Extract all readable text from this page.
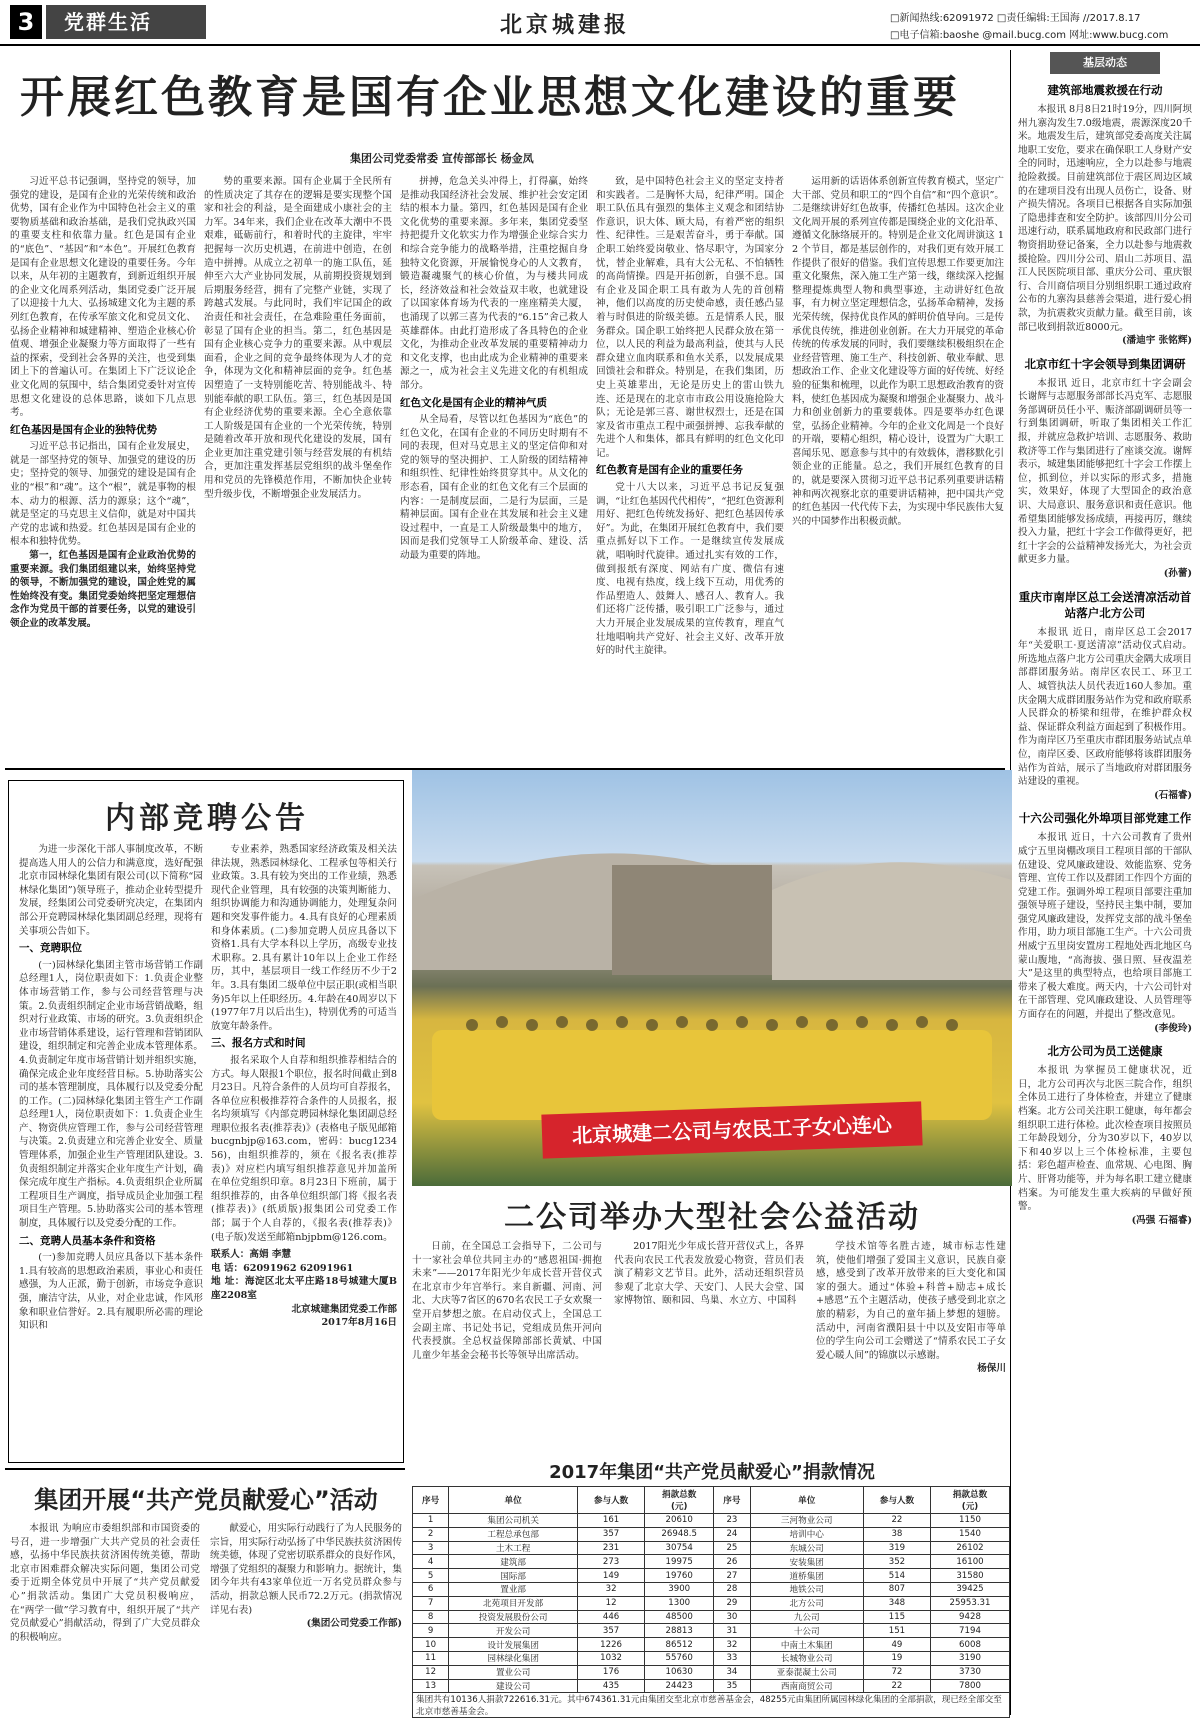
3	党群生活	北京城建报	□新闻热线:62091972 □责任编辑:王国海 //2017.8.17
□电子信箱:baoshe @mail.bucg.com 网址:www.bucg.com
开展红色教育是国有企业思想文化建设的重要
集团公司党委常委 宣传部部长 杨金凤

习近平总书记强调，坚持党的领导，加强党的建设，是国有企业的光荣传统和政治优势，国有企业作为中国特色社会主义的重要物质基础和政治基础，是我们党执政兴国的重要支柱和依靠力量。红色是国有企业的“底色”、“基因”和“本色”。开展红色教育是国有企业思想文化建设的重要任务。今年以来，从年初的主题教育，到新近组织开展的企业文化周系列活动，集团党委广泛开展了以迎接十九大、弘扬城建文化为主题的系列红色教育，在传承军旅文化和党员文化、弘扬企业精神和城建精神、塑造企业核心价值观、增强企业凝聚力等方面取得了一些有益的探索，受到社会各界的关注，也受到集团上下的普遍认可。在集团上下广泛议论企业文化周的氛围中，结合集团党委针对宣传思想文化建设的总体思路，谈如下几点思考。

红色基因是国有企业的独特优势

习近平总书记指出，国有企业发展史，就是一部坚持党的领导、加强党的建设的历史；坚持党的领导、加强党的建设是国有企业的“根”和“魂”。这个“根”，就是事物的根本、动力的根源、活力的源泉；这个“魂”，就是坚定的马克思主义信仰，就是对中国共产党的忠诚和热爱。红色基因是国有企业的根本和独特优势。

第一，红色基因是国有企业政治优势的重要来源。我们集团组建以来，始终坚持党的领导，不断加强党的建设，国企姓党的属性始终没有变。集团党委始终把坚定理想信念作为党员干部的首要任务，以党的建设引领企业的改革发展。

势的重要来源。国有企业属于全民所有的性质决定了其存在的逻辑是要实现整个国家和社会的利益，是全面建成小康社会的主力军。34年来，我们企业在改革大潮中不畏艰难，砥砺前行，和着时代的主旋律，牢牢把握每一次历史机遇，在前进中创造，在创造中拼搏。从成立之初单一的施工队伍，延伸至六大产业协同发展，从前期投资规划到后期服务经营，拥有了完整产业链，实现了跨越式发展。与此同时，我们牢记国企的政治责任和社会责任，在急难险重任务面前，彰显了国有企业的担当。第二，红色基因是国有企业核心竞争力的重要来源。从中观层面看，企业之间的竞争最终体现为人才的竞争，体现为文化和精神层面的竞争。红色基因塑造了一支特别能吃苦、特别能战斗、特别能奉献的职工队伍。第三，红色基因是国有企业经济优势的重要来源。全心全意依靠工人阶级是国有企业的一个光荣传统，特别是随着改革开放和现代化建设的发展，国有企业更加注重党建引领与经营发展的有机结合，更加注重发挥基层党组织的战斗堡垒作用和党员的先锋模范作用，不断加快企业转型升级步伐，不断增强企业发展活力。

拼搏，危急关头冲得上，打得赢，始终是推动我国经济社会发展、维护社会安定团结的根本力量。第四，红色基因是国有企业文化优势的重要来源。多年来，集团党委坚持把提升文化软实力作为增强企业综合实力和综合竞争能力的战略举措，注重挖掘自身独特文化资源，开展愉悦身心的人文教育，锻造凝魂聚气的核心价值，为与楼共同成长，经济效益和社会效益双丰收，也就建设了以国家体育场为代表的一座座精美大厦，也涌现了以郭三喜为代表的“6.15”舍己救人英雄群体。由此打造形成了各具特色的企业文化，为推动企业改革发展的重要精神动力和文化支撑，也由此成为企业精神的重要来源之一，成为社会主义先进文化的有机组成部分。

红色文化是国有企业的精神气质

从全局看，尽管以红色基因为“底色”的红色文化，在国有企业的不同历史时期有不同的表现，但对马克思主义的坚定信仰和对党的领导的坚决拥护、工人阶级的团结精神和组织性、纪律性始终贯穿其中。从文化的形态看，国有企业的红色文化有三个层面的内容：一是制度层面，二是行为层面，三是精神层面。国有企业在其发展和社会主义建设过程中，一直是工人阶级最集中的地方，因而是我们党领导工人阶级革命、建设、活动最为重要的阵地。

致，是中国特色社会主义的坚定支持者和实践者。二是胸怀大局，纪律严明。国企职工队伍具有强烈的集体主义观念和团结协作意识，识大体、顾大局，有着严密的组织性、纪律性。三是艰苦奋斗，勇于奉献。国企职工始终爱岗敬业、恪尽职守，为国家分忧，替企业解难，具有大公无私、不怕牺牲的高尚情操。四是开拓创新，自强不息。国有企业及国企职工具有敢为人先的首创精神，他们以高度的历史使命感，责任感凸显着与时俱进的阶级美德。五是情系人民，服务群众。国企职工始终把人民群众放在第一位，以人民的利益为最高利益，使其与人民群众建立血肉联系和鱼水关系，以发展成果回馈社会和群众。特别是，在我们集团，历史上英雄辈出，无论是历史上的雷山铁九连、还是现在的北京市市政公用设施抢险大队；无论是郭三喜、谢世权烈士，还是在国家及省市重点工程中顽强拼搏、忘我奉献的先进个人和集体，都具有鲜明的红色文化印记。

红色教育是国有企业的重要任务

党十八大以来，习近平总书记反复强调，“让红色基因代代相传”，“把红色资源利用好、把红色传统发扬好、把红色基因传承好”。为此，在集团开展红色教育中，我们要重点抓好以下工作。一是继续宣传发展成就，唱响时代旋律。通过扎实有效的工作，做到报纸有深度、网站有广度、微信有速度、电视有热度，线上线下互动，用优秀的作品塑造人、鼓舞人、感召人、教育人。我们还将广泛传播，吸引职工广泛参与，通过大力开展企业发展成果的宣传教育，理直气壮地唱响共产党好、社会主义好、改革开放好的时代主旋律。

运用新的话语体系创新宣传教育模式，坚定广大干部、党员和职工的“四个自信”和“四个意识”。二是继续讲好红色故事，传播红色基因。这次企业文化周开展的系列宣传都是围绕企业的文化沿革、遵循文化脉络展开的。特别是企业文化周讲演这 12 个节目，都是基层创作的，对我们更有效开展工作提供了很好的借鉴。我们宣传思想工作要更加注重文化聚焦，深入施工生产第一线，继续深入挖掘整理提炼典型人物和典型事迹，主动讲好红色故事，有力树立坚定理想信念，弘扬革命精神，发扬光荣传统，保持优良作风的鲜明价值导向。三是传承优良传统，推进创业创新。在大力开展党的革命传统的传承发展的同时，我们要继续积极组织在企业经营管理、施工生产、科技创新、敬业奉献、思想政治工作、企业文化建设等方面的好传统、好经验的征集和梳理，以此作为职工思想政治教育的资料，使红色基因成为凝聚和增强企业凝聚力、战斗力和创业创新力的重要载体。四是要举办红色课堂，弘扬企业精神。今年的企业文化周是一个良好的开端，要精心组织，精心设计，设置为广大职工喜闻乐见、愿意参与其中的有效载体，潜移默化引领企业的正能量。总之，我们开展红色教育的目的，就是要深入贯彻习近平总书记系列重要讲话精神和两次视察北京的重要讲话精神，把中国共产党的红色基因一代代传下去，为实现中华民族伟大复兴的中国梦作出积极贡献。

基层动态
建筑部地震救援在行动

本报讯 8月8日21时19分，四川阿坝州九寨沟发生7.0级地震，震源深度20千米。地震发生后，建筑部党委高度关注属地职工安危，要求在确保职工人身财产安全的同时，迅速响应，全力以赴参与地震抢险救援。目前建筑部位于震区周边区域的在建项目没有出现人员伤亡，设备、财产损失情况。各项目已根据各自实际加强了隐患排查和安全防护。该部四川分公司迅速行动，联系属地政府和民政部门进行物资捐助登记备案，全力以赴参与地震救援抢险。四川分公司、眉山二苏项目、温江人民医院项目部、重庆分公司、重庆银行、合川商信项目分别组织职工通过政府公布的九寨沟县慈善会渠道，进行爱心捐款，为抗震救灾贡献力量。截至目前，该部已收到捐款近8000元。

(潘迪宇 张铭辉)
北京市红十字会领导到集团调研

本报讯 近日，北京市红十字会副会长谢辉与志愿服务部部长冯克军、志愿服务部调研员任小平、赈济部副调研员等一行到集团调研，听取了集团相关工作汇报，并就应急救护培训、志愿服务、救助救济等工作与集团进行了座谈交流。谢辉表示，城建集团能够把红十字会工作摆上位，抓到位，并以实际的形式多，措施实，效果好，体现了大型国企的政治意识、大局意识、服务意识和责任意识。他希望集团能够发扬成绩，再接再厉，继续投入力量，把红十字会工作做得更好，把红十字会的公益精神发扬光大，为社会贡献更多力量。

(孙蕾)
重庆市南岸区总工会送清凉活动首站落户北方公司

本报讯 近日，南岸区总工会2017年“关爱职工·夏送清凉”活动仪式启动。所选地点落户北方公司重庆金隅大成项目部群团服务站。南岸区农民工、环卫工人、城管执法人员代表近160人参加。重庆金隅大成群团服务站作为党和政府联系人民群众的桥梁和纽带，在维护群众权益、保证群众利益方面起到了积极作用。作为南岸区乃至重庆市群团服务站试点单位，南岸区委、区政府能够将该群团服务站作为首站，展示了当地政府对群团服务站建设的重视。

(石福睿)
十六公司强化外埠项目部党建工作

本报讯 近日，十六公司教育了贵州威宁五里岗棚改项目工程项目部的干部队伍建设、党风廉政建设、效能监察、党务管理、宣传工作以及群团工作四个方面的党建工作。强调外埠工程项目部要注重加强领导班子建设，坚持民主集中制，要加强党风廉政建设，发挥党支部的战斗堡垒作用，助力项目部施工生产。十六公司贵州威宁五里岗安置房工程地处西北地区乌蒙山腹地，“高海拔、强日照、昼夜温差大”是这里的典型特点，也给项目部施工带来了极大难度。两天内，十六公司针对在干部管理、党风廉政建设、人员管理等方面存在的问题，并提出了整改意见。

(李俊玲)
北方公司为员工送健康

本报讯 为掌握员工健康状况，近日，北方公司再次与北医三院合作，组织全体员工进行了身体检查，并建立了健康档案。北方公司关注职工健康，每年都会组织职工进行体检。此次检查项目按照员工年龄段划分，分为30岁以下，40岁以下和40岁以上三个体检标准，主要包括：彩色超声检查、血常规、心电图、胸片、肝肾功能等，并为每名职工建立健康档案。为可能发生重大疾病的早做好预警。

(冯强 石福睿)
内部竞聘公告

为进一步深化干部人事制度改革，不断提高选人用人的公信力和满意度，选好配强北京市园林绿化集团有限公司(以下简称“园林绿化集团”)领导班子，推动企业转型提升发展，经集团公司党委研究决定，在集团内部公开竞聘园林绿化集团副总经理，现将有关事项公告如下。

一、竞聘职位

(一)园林绿化集团主管市场营销工作副总经理1人，岗位职责如下：1.负责企业整体市场营销工作，参与公司经营管理与决策。2.负责组织制定企业市场营销战略，组织对行业政策、市场的研究。3.负责组织企业市场营销体系建设，运行管理和营销团队建设，组织制定和完善企业成本管理体系。4.负责制定年度市场营销计划并组织实施，确保完成企业年度经营目标。5.协助落实公司的基本管理制度，具体履行以及党委分配的工作。(二)园林绿化集团主管生产工作副总经理1人，岗位职责如下：1.负责企业生产、物资供应管理工作，参与公司经营管理与决策。2.负责建立和完善企业安全、质量管理体系，加强企业生产管理团队建设。3.负责组织制定并落实企业年度生产计划，确保完成年度生产指标。4.负责组织企业所属工程项目生产调度，指导成员企业加强工程项目生产管理。5.协助落实公司的基本管理制度，具体履行以及党委分配的工作。

二、竞聘人员基本条件和资格

(一)参加竞聘人员应具备以下基本条件1.具有较高的思想政治素质，事业心和责任感强，为人正派，勤于创新，市场竞争意识强，廉洁守法，从业，对企业忠诚，作风形象和职业信誉好。2.具有履职所必需的理论知识和

专业素养，熟悉国家经济政策及相关法律法规，熟悉园林绿化、工程承包等相关行业政策。3.具有较为突出的工作业绩，熟悉现代企业管理，具有较强的决策判断能力、组织协调能力和沟通协调能力，处理复杂问题和突发事件能力。4.具有良好的心理素质和身体素质。(二)参加竞聘人员应具备以下资格1.具有大学本科以上学历，高级专业技术职称。2.具有累计10年以上企业工作经历，其中，基层项目一线工作经历不少于2年。3.具有集团二级单位中层正职(或相当职务)5年以上任职经历。4.年龄在40周岁以下(1977年7月以后出生)，特别优秀的可适当放宽年龄条件。

三、报名方式和时间

报名采取个人自荐和组织推荐相结合的方式。每人限报1个职位，报名时间截止到8月23日。凡符合条件的人员均可自荐报名，各单位应积极推荐符合条件的人员报名，报名均须填写《内部竞聘园林绿化集团副总经理职位报名表(推荐表)》(表格电子版见邮箱bucgnbjp@163.com，密码：bucg123456)，由组织推荐的，须在《报名表(推荐表)》对应栏内填写组织推荐意见并加盖所在单位党组织印章。8月23日下班前，属于组织推荐的，由各单位组织部门将《报名表(推荐表)》(纸质版)报集团公司党委工作部；属于个人自荐的，《报名表(推荐表)》(电子版)发送至邮箱nbjpbm@126.com。

联系人：高娟 李慧
电 话：62091962 62091961
地 址：海淀区北太平庄路18号城建大厦B座2208室
北京城建集团党委工作部
2017年8月16日
北京城建二公司与农民工子女心连心
二公司举办大型社会公益活动

日前，在全国总工会指导下，二公司与十一家社会单位共同主办的“感恩祖国·拥抱未来”——2017年阳光少年成长营开营仪式在北京市少年宫举行。来自新疆、河南、河北、大庆等7省区的670名农民工子女欢聚一堂开启梦想之旅。在启动仪式上，全国总工会副主席、书记处书记，党组成员焦开河向代表授旗。全总权益保障部部长黄斌、中国儿童少年基金会秘书长等领导出席活动。

2017阳光少年成长营开营仪式上，各界代表向农民工代表发放爱心物资，营员们表演了精彩文艺节目。此外，活动还组织营员参观了北京大学、天安门、人民大会堂、国家博物馆、颐和园、鸟巢、水立方、中国科

学技术馆等名胜古迹，城市标志性建筑，使他们增强了爱国主义意识，民族自豪感，感受到了改革开放带来的巨大变化和国家的强大。通过“体验+科普+励志+成长+感恩”五个主题活动，使孩子感受到北京之旅的精彩，为自己的童年插上梦想的翅膀。活动中，河南省濮阳县十中以及安阳市等单位的学生向公司工会赠送了“情系农民工子女爱心暖人间”的锦旗以示感谢。

杨保川
2017年集团“共产党员献爱心”捐款情况
序号	单位	参与人数	捐款总数
(元)	序号	单位	参与人数	捐款总数
(元)
1	集团公司机关	161	20610	23	三河物业公司	22	1150
2	工程总承包部	357	26948.5	24	培训中心	38	1540
3	土木工程	231	30754	25	东城公司	319	26102
4	建筑部	273	19975	26	安装集团	352	16100
5	国际部	149	19760	27	道桥集团	514	31580
6	置业部	32	3900	28	地铁公司	807	39425
7	北苑项目开发部	12	1300	29	北方公司	348	25953.31
8	投资发展股份公司	446	48500	30	九公司	115	9428
9	开发公司	357	28813	31	十公司	151	7194
10	设计发展集团	1226	86512	32	中南土木集团	49	6008
11	园林绿化集团	1032	55760	33	长城物业公司	19	3190
12	置业公司	176	10630	34	亚泰混凝土公司	72	3730
13	建设公司	435	24423	35	西南商贸公司	22	7800

集团共有10136人捐款722616.31元。其中674361.31元由集团交至北京市慈善基金会，48255元由集团所属园林绿化集团的全部捐款，现已经全部交至北京市慈善基金会。
集团开展“共产党员献爱心”活动

本报讯 为响应市委组织部和市国资委的号召，进一步增强广大共产党员的社会责任感，弘扬中华民族扶贫济困传统美德，帮助北京市困难群众解决实际问题，集团公司党委于近期全体党员中开展了“共产党员献爱心”捐款活动。集团广大党员积极响应，在“两学一做”学习教育中，组织开展了“共产党员献爱心”捐献活动，得到了广大党员群众的积极响应。

献爱心，用实际行动践行了为人民服务的宗旨，用实际行动弘扬了中华民族扶贫济困传统美德，体现了党密切联系群众的良好作风，增强了党组织的凝聚力和影响力。据统计，集团今年共有43家单位近一万名党员群众参与活动，捐款总额人民币72.2万元。(捐款情况详见右表)

(集团公司党委工作部)
